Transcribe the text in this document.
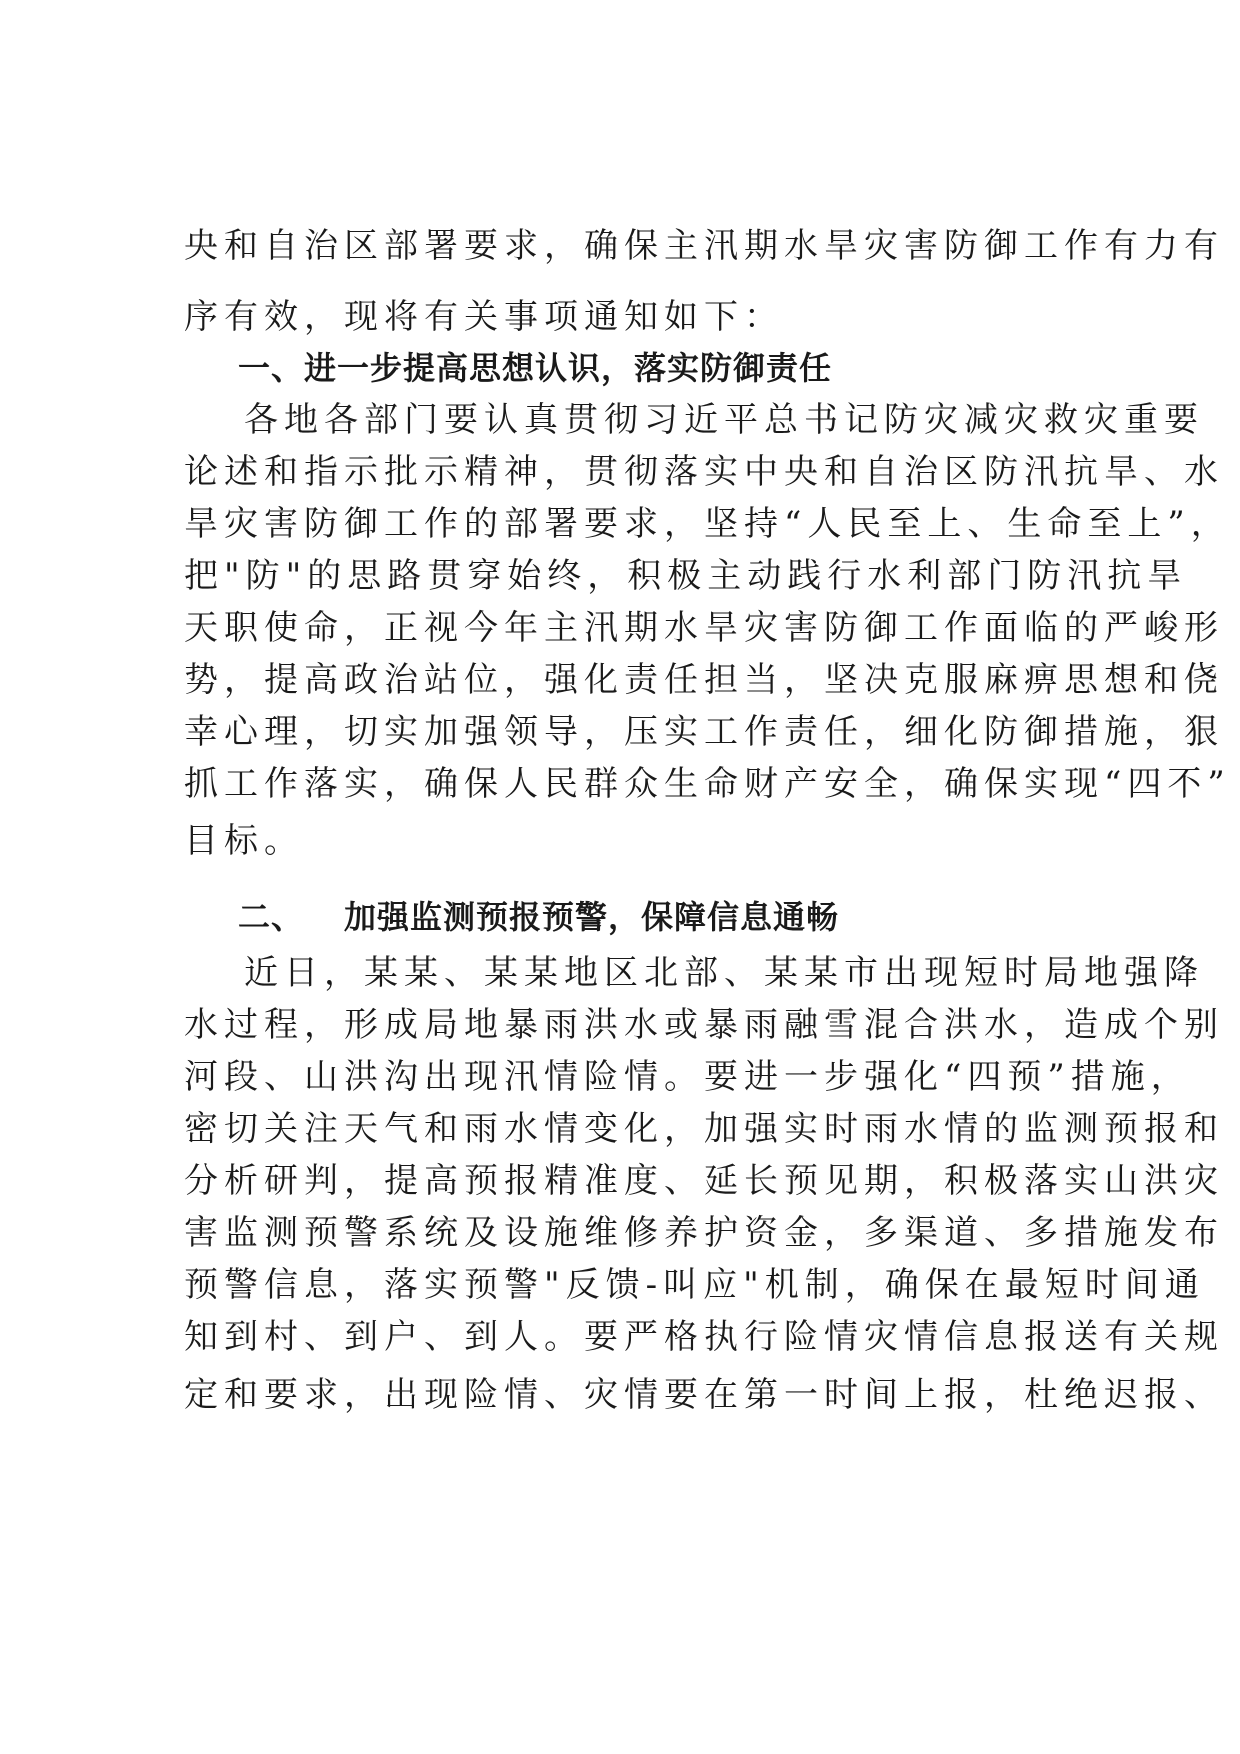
央和自治区部署要求，确保主汛期水旱灾害防御工作有力有
序有效，现将有关事项通知如下：
一、进一步提高思想认识，落实防御责任
各地各部门要认真贯彻习近平总书记防灾减灾救灾重要
论述和指示批示精神，贯彻落实中央和自治区防汛抗旱、水
旱灾害防御工作的部署要求，坚持“人民至上、生命至上”，
把"防"的思路贯穿始终，积极主动践行水利部门防汛抗旱
天职使命，正视今年主汛期水旱灾害防御工作面临的严峻形
势，提高政治站位，强化责任担当，坚决克服麻痹思想和侥
幸心理，切实加强领导，压实工作责任，细化防御措施，狠
抓工作落实，确保人民群众生命财产安全，确保实现“四不”
目标。
二、 加强监测预报预警，保障信息通畅
近日，某某、某某地区北部、某某市出现短时局地强降
水过程，形成局地暴雨洪水或暴雨融雪混合洪水，造成个别
河段、山洪沟出现汛情险情。要进一步强化“四预”措施，
密切关注天气和雨水情变化，加强实时雨水情的监测预报和
分析研判，提高预报精准度、延长预见期，积极落实山洪灾
害监测预警系统及设施维修养护资金，多渠道、多措施发布
预警信息，落实预警"反馈-叫应"机制，确保在最短时间通
知到村、到户、到人。要严格执行险情灾情信息报送有关规
定和要求，出现险情、灾情要在第一时间上报，杜绝迟报、
